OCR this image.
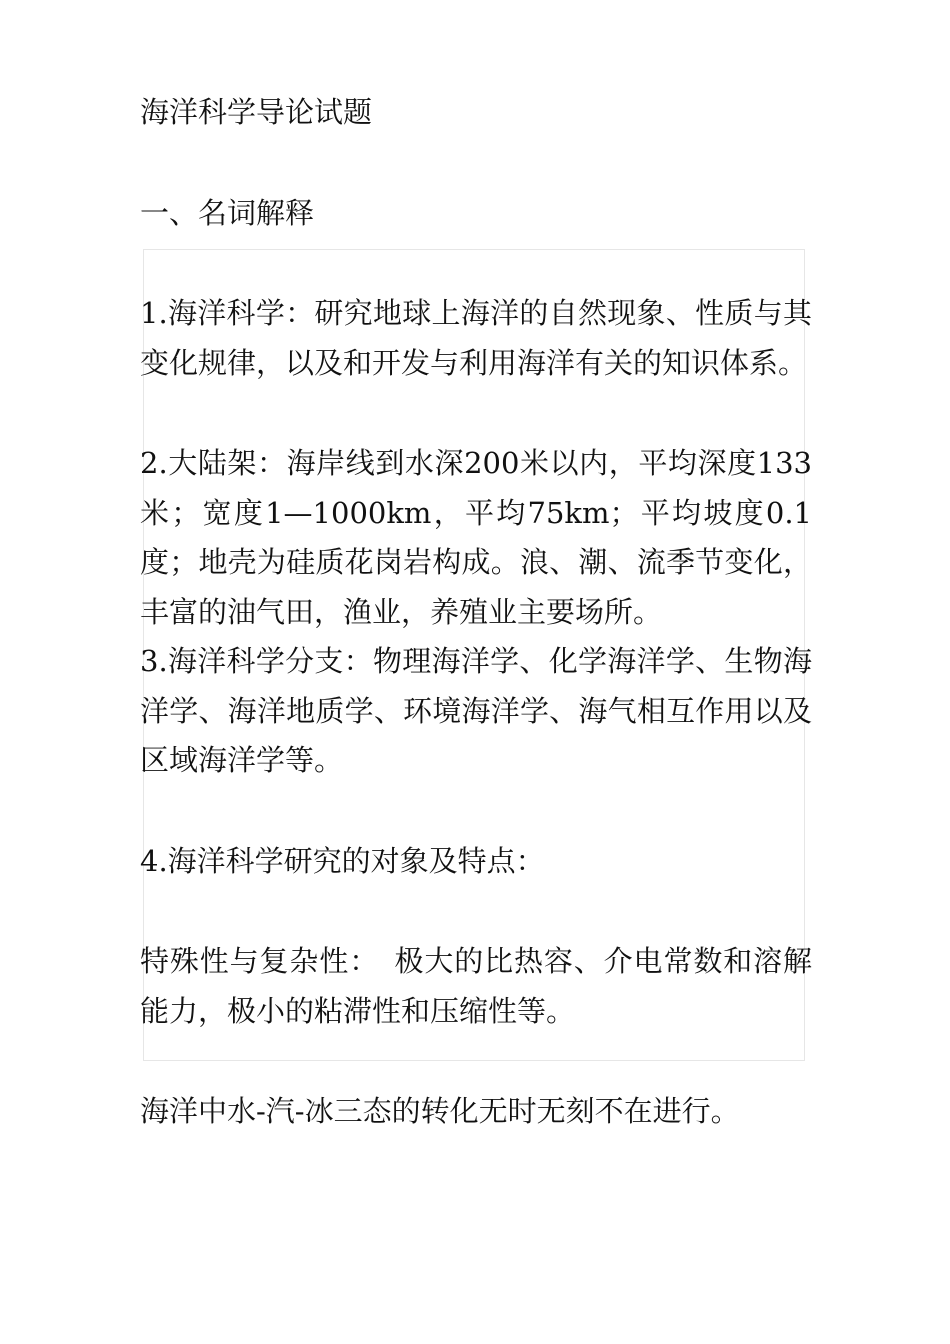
海洋科学导论试题

一、名词解释

1.海洋科学：研究地球上海洋的自然现象、性质与其变化规律，以及和开发与利用海洋有关的知识体系。

2.大陆架：海岸线到水深200米以内，平均深度133米；宽度1—1000km，平均75km；平均坡度0.1度；地壳为硅质花岗岩构成。浪、潮、流季节变化，丰富的油气田，渔业，养殖业主要场所。

3.海洋科学分支：物理海洋学、化学海洋学、生物海洋学、海洋地质学、环境海洋学、海气相互作用以及区域海洋学等。

4.海洋科学研究的对象及特点：

特殊性与复杂性：　极大的比热容、介电常数和溶解能力，极小的粘滞性和压缩性等。

海洋中水-汽-冰三态的转化无时无刻不在进行。
